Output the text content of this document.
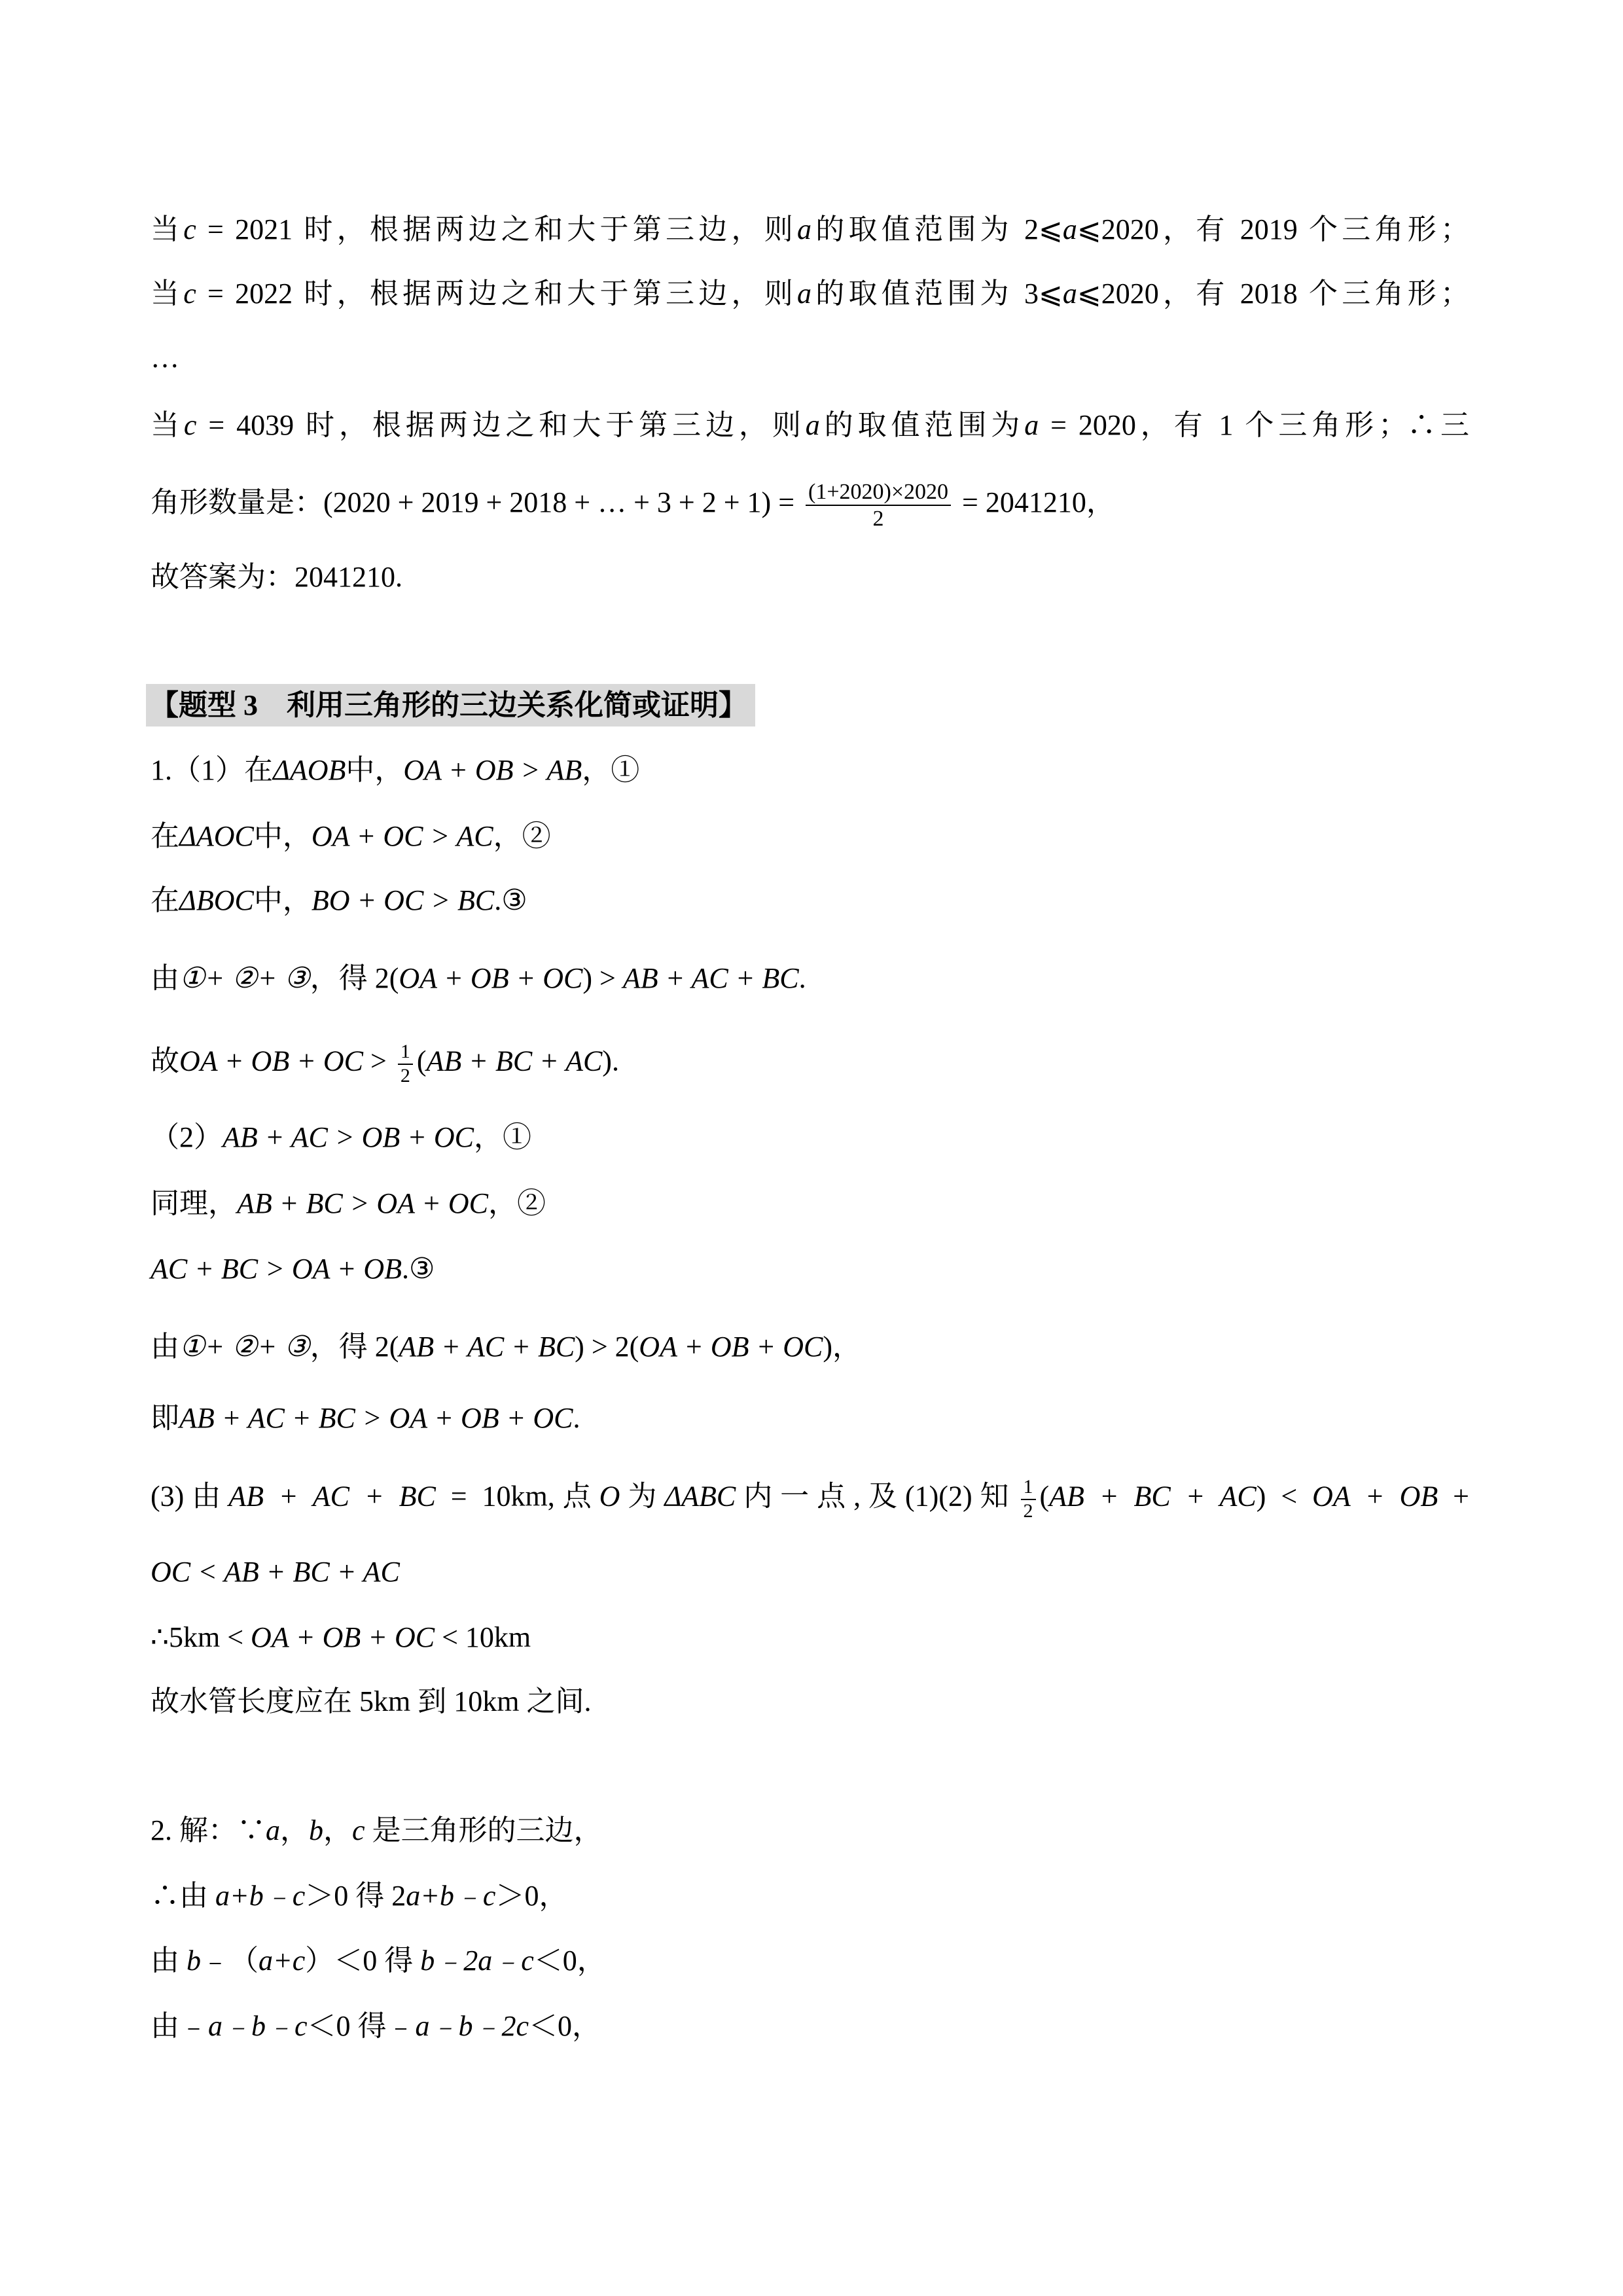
当c = 2021 时，根据两边之和大于第三边，则a的取值范围为 2⩽a⩽2020，有 2019 个三角形；
当c = 2022 时，根据两边之和大于第三边，则a的取值范围为 3⩽a⩽2020，有 2018 个三角形；
…
当c = 4039 时，根据两边之和大于第三边，则a的取值范围为a = 2020，有 1 个三角形；∴三
角形数量是：(2020 + 2019 + 2018 + … + $3 + 2 + 1) = \frac{(1+2020)\times 2020}{2} = 2041210$，
故答案为：2041210.
【题型 3　利用三角形的三边关系化简或证明】
1.（1）在ΔAOB中，OA + OB > AB，①
在ΔAOC中，OA + OC > AC，②
在ΔBOC中，BO + OC > BC.③
由①+ ②+ ③，得 2(OA + OB + OC) > AB + AC + BC.
故OA + OB + OC > $\frac{1}{2} (AB$ + BC + AC).
（2）AB + AC > OB + OC，①
同理，AB + BC > OA + OC，②
AC + BC > OA + OB.③
由①+ ②+ ③，得 2(AB + AC + BC) > 2(OA + OB + OC)，
即AB + AC + BC > OA + OB + OC.
(3)由AB + AC + BC = 10km,点O为ΔABC内一点,及(1)(2)知 $\frac{1}{2} (AB$ + BC + AC) < OA + OB +
OC < AB + BC + AC
∴5km < OA + OB + OC < 10km
故水管长度应在 5km 到 10km 之间.
2. 解：∵a，b，c 是三角形的三边，
∴由 a+b﹣c＞0 得 2a+b﹣c＞0，
由 b﹣（a+c）＜0 得 b﹣2a﹣c＜0，
由﹣a﹣b﹣c＜0 得﹣a﹣b﹣2c＜0，
